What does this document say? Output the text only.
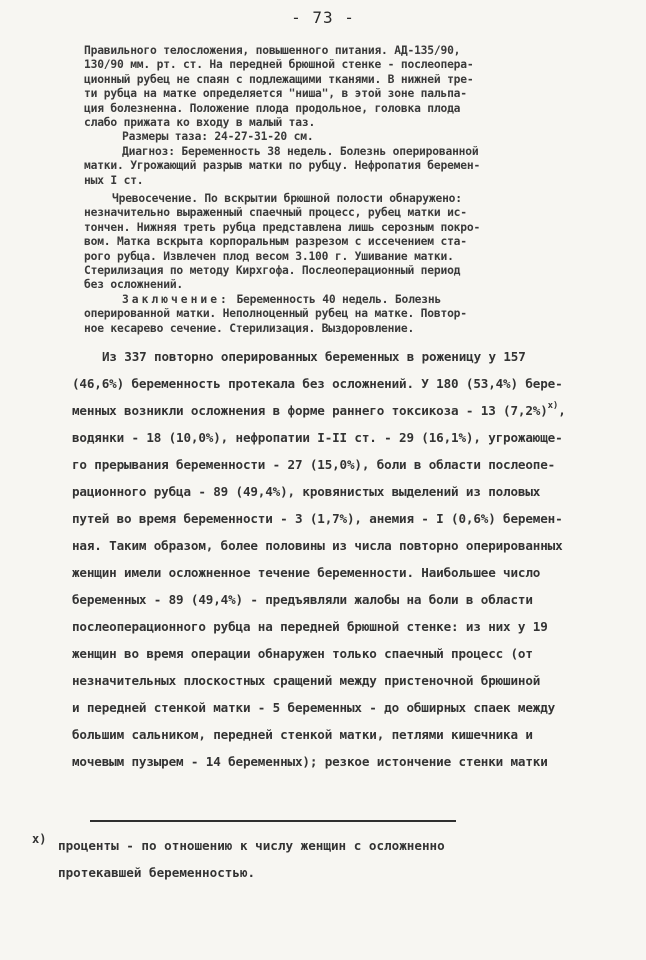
- 73 -
Правильного телосложения, повышенного питания. АД-135/90,
130/90 мм. рт. ст. На передней брюшной стенке - послеопера-
ционный рубец не спаян с подлежащими тканями. В нижней тре-
ти рубца на матке определяется "ниша", в этой зоне пальпа-
ция болезненна. Положение плода продольное, головка плода
слабо прижата ко входу в малый таз.
Размеры таза: 24-27-31-20 см.
Диагноз: Беременность 38 недель. Болезнь оперированной
матки. Угрожающий разрыв матки по рубцу. Нефропатия беремен-
ных I ст.
Чревосечение. По вскрытии брюшной полости обнаружено:
незначительно выраженный спаечный процесс, рубец матки ис-
тончен. Нижняя треть рубца представлена лишь серозным покро-
вом. Матка вскрыта корпоральным разрезом с иссечением ста-
рого рубца. Извлечен плод весом 3.100 г. Ушивание матки.
Стерилизация по методу Кирхгофа. Послеоперационный период
без осложнений.
Заключение: Беременность 40 недель. Болезнь
оперированной матки. Неполноценный рубец на матке. Повтор-
ное кесарево сечение. Стерилизация. Выздоровление.
Из 337 повторно оперированных беременных в роженицу у 157
(46,6%) беременность протекала без осложнений. У 180 (53,4%) бере-
менных возникли осложнения в форме раннего токсикоза - 13 $(7,2\%)^{x)}$,
водянки - 18 (10,0%), нефропатии I-II ст. - 29 (16,1%), угрожающе-
го прерывания беременности - 27 (15,0%), боли в области послеопе-
рационного рубца - 89 (49,4%), кровянистых выделений из половых
путей во время беременности - 3 (1,7%), анемия - I (0,6%) беремен-
ная. Таким образом, более половины из числа повторно оперированных
женщин имели осложненное течение беременности. Наибольшее число
беременных - 89 (49,4%) - предъявляли жалобы на боли в области
послеоперационного рубца на передней брюшной стенке: из них у 19
женщин во время операции обнаружен только спаечный процесс (от
незначительных плоскостных сращений между пристеночной брюшиной
и передней стенкой матки - 5 беременных - до обширных спаек между
большим сальником, передней стенкой матки, петлями кишечника и
мочевым пузырем - 14 беременных); резкое истончение стенки матки
x) проценты - по отношению к числу женщин с осложненно
протекавшей беременностью.
